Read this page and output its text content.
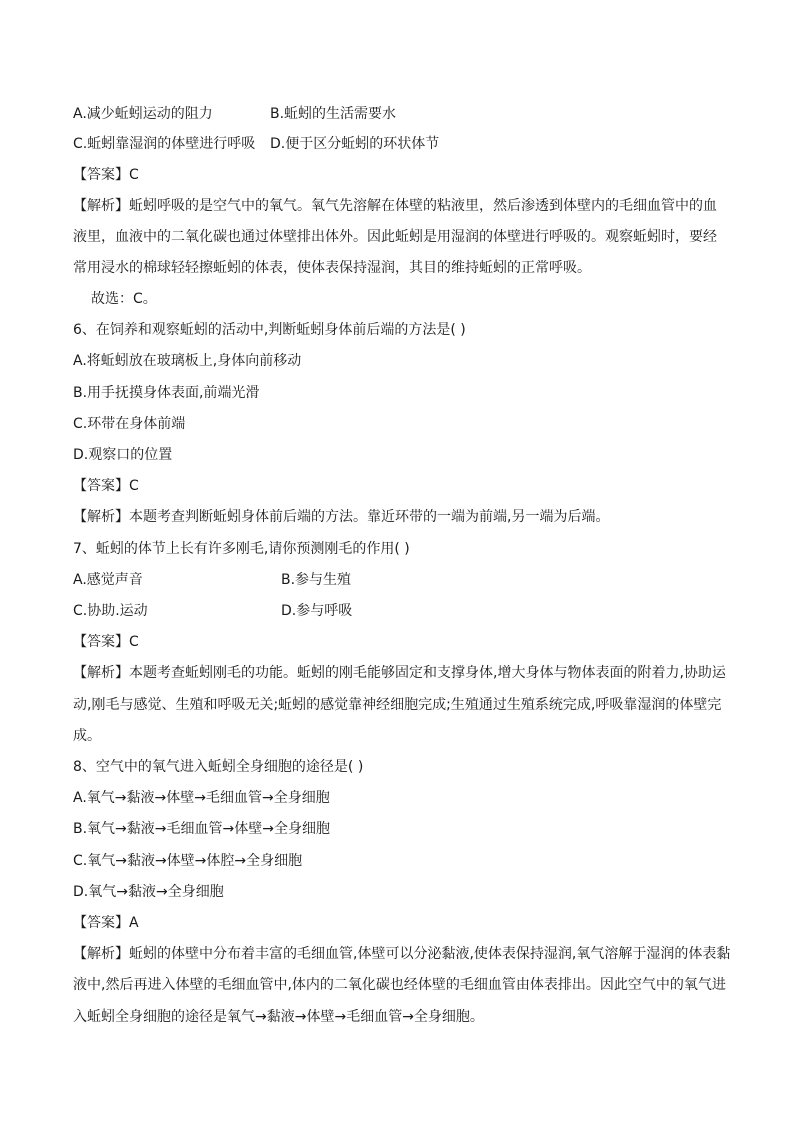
A.减少蚯蚓运动的阻力	B.蚯蚓的生活需要水
C.蚯蚓靠湿润的体壁进行呼吸 D.便于区分蚯蚓的环状体节
【答案】C
【解析】蚯蚓呼吸的是空气中的氧气。氧气先溶解在体壁的粘液里，然后渗透到体壁内的毛细血管中的血
液里，血液中的二氧化碳也通过体壁排出体外。因此蚯蚓是用湿润的体壁进行呼吸的。观察蚯蚓时，要经
常用浸水的棉球轻轻擦蚯蚓的体表，使体表保持湿润，其目的维持蚯蚓的正常呼吸。
故选：C。
6、在饲养和观察蚯蚓的活动中,判断蚯蚓身体前后端的方法是( )
A.将蚯蚓放在玻璃板上,身体向前移动
B.用手抚摸身体表面,前端光滑
C.环带在身体前端
D.观察口的位置
【答案】C
【解析】本题考查判断蚯蚓身体前后端的方法。靠近环带的一端为前端,另一端为后端。
7、蚯蚓的体节上长有许多刚毛,请你预测刚毛的作用( )
A.感觉声音	B.参与生殖
C.协助.运动	D.参与呼吸
【答案】C
【解析】本题考查蚯蚓刚毛的功能。蚯蚓的刚毛能够固定和支撑身体,增大身体与物体表面的附着力,协助运
动,刚毛与感觉、生殖和呼吸无关;蚯蚓的感觉靠神经细胞完成;生殖通过生殖系统完成,呼吸靠湿润的体壁完
成。
8、空气中的氧气进入蚯蚓全身细胞的途径是( )
A.氧气→黏液→体壁→毛细血管→全身细胞
B.氧气→黏液→毛细血管→体壁→全身细胞
C.氧气→黏液→体壁→体腔→全身细胞
D.氧气→黏液→全身细胞
【答案】A
【解析】蚯蚓的体壁中分布着丰富的毛细血管,体壁可以分泌黏液,使体表保持湿润,氧气溶解于湿润的体表黏
液中,然后再进入体壁的毛细血管中,体内的二氧化碳也经体壁的毛细血管由体表排出。因此空气中的氧气进
入蚯蚓全身细胞的途径是氧气→黏液→体壁→毛细血管→全身细胞。
